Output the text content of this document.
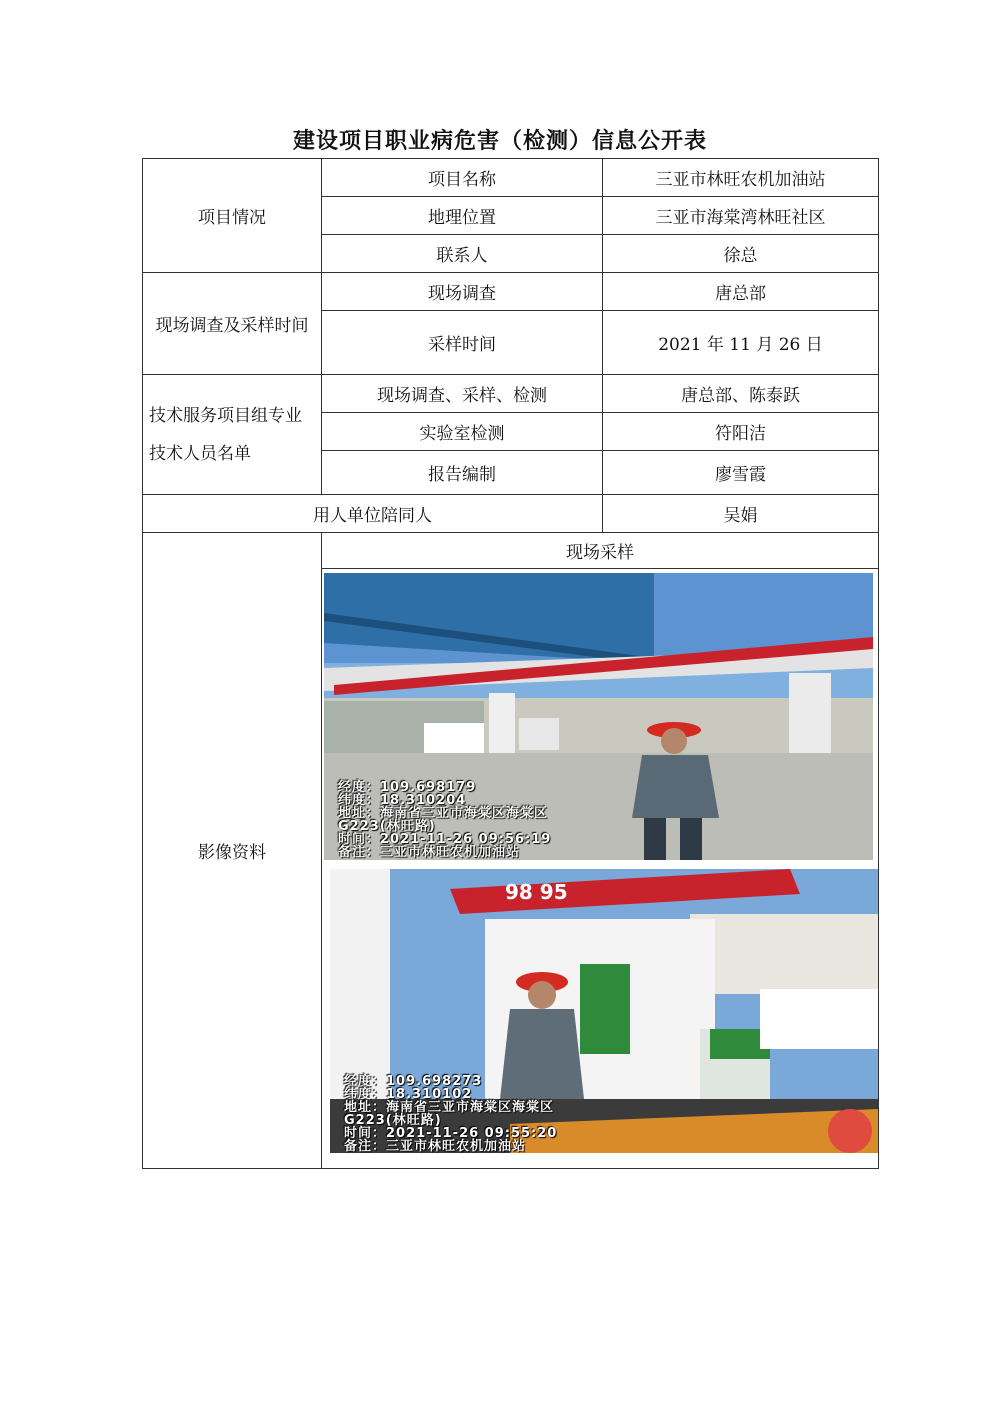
建设项目职业病危害（检测）信息公开表
项目情况	项目名称	三亚市林旺农机加油站
	地理位置	三亚市海棠湾林旺社区
	联系人	徐总
现场调查及采样时间	现场调查	唐总部
	采样时间	2021 年 11 月 26 日

技术服务项目组专业
技术人员名单	现场调查、采样、检测	唐总部、陈泰跃
	实验室检测	符阳洁
	报告编制	廖雪霞
用人单位陪同人		吴娟
影像资料	现场采样	

经度：109.698179
纬度：18.310204
地址：海南省三亚市海棠区海棠区
G223(林旺路)
时间：2021-11-26 09:56:19
备注：三亚市林旺农机加油站
98 95
经度：109.698273
纬度：18.310102
地址：海南省三亚市海棠区海棠区
G223(林旺路)
时间：2021-11-26 09:55:20
备注：三亚市林旺农机加油站
